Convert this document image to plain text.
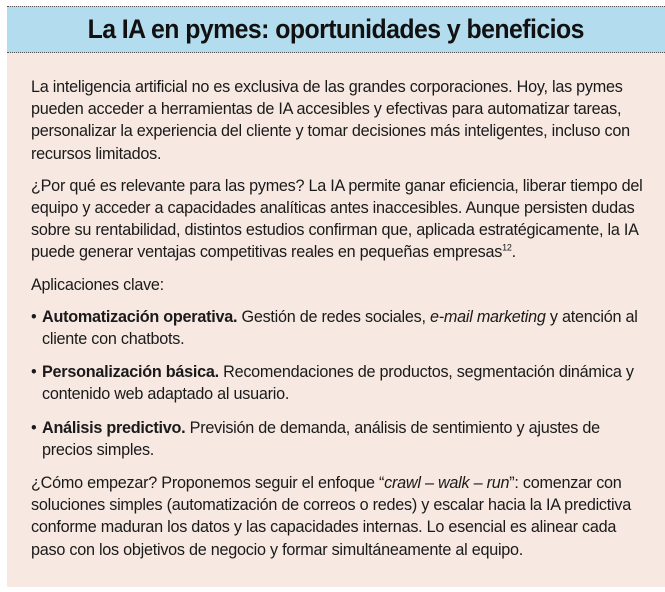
La IA en pymes: oportunidades y beneficios

La inteligencia artificial no es exclusiva de las grandes corporaciones. Hoy, las pymes pueden acceder a herramientas de IA accesibles y efectivas para automatizar tareas, personalizar la experiencia del cliente y tomar decisiones más inteligentes, incluso con recursos limitados.

¿Por qué es relevante para las pymes? La IA permite ganar eficiencia, liberar tiempo del equipo y acceder a capacidades analíticas antes inaccesibles. Aunque persisten dudas sobre su rentabilidad, distintos estudios confirman que, aplicada estratégicamente, la IA puede generar ventajas competitivas reales en pequeñas empresas$^{12}$.

Aplicaciones clave:

• Automatización operativa. Gestión de redes sociales, e-mail marketing y atención al cliente con chatbots.
• Personalización básica. Recomendaciones de productos, segmentación dinámica y contenido web adaptado al usuario.
• Análisis predictivo. Previsión de demanda, análisis de sentimiento y ajustes de precios simples.

¿Cómo empezar? Proponemos seguir el enfoque “crawl – walk – run”: comenzar con soluciones simples (automatización de correos o redes) y escalar hacia la IA predictiva conforme maduran los datos y las capacidades internas. Lo esencial es alinear cada paso con los objetivos de negocio y formar simultáneamente al equipo.
